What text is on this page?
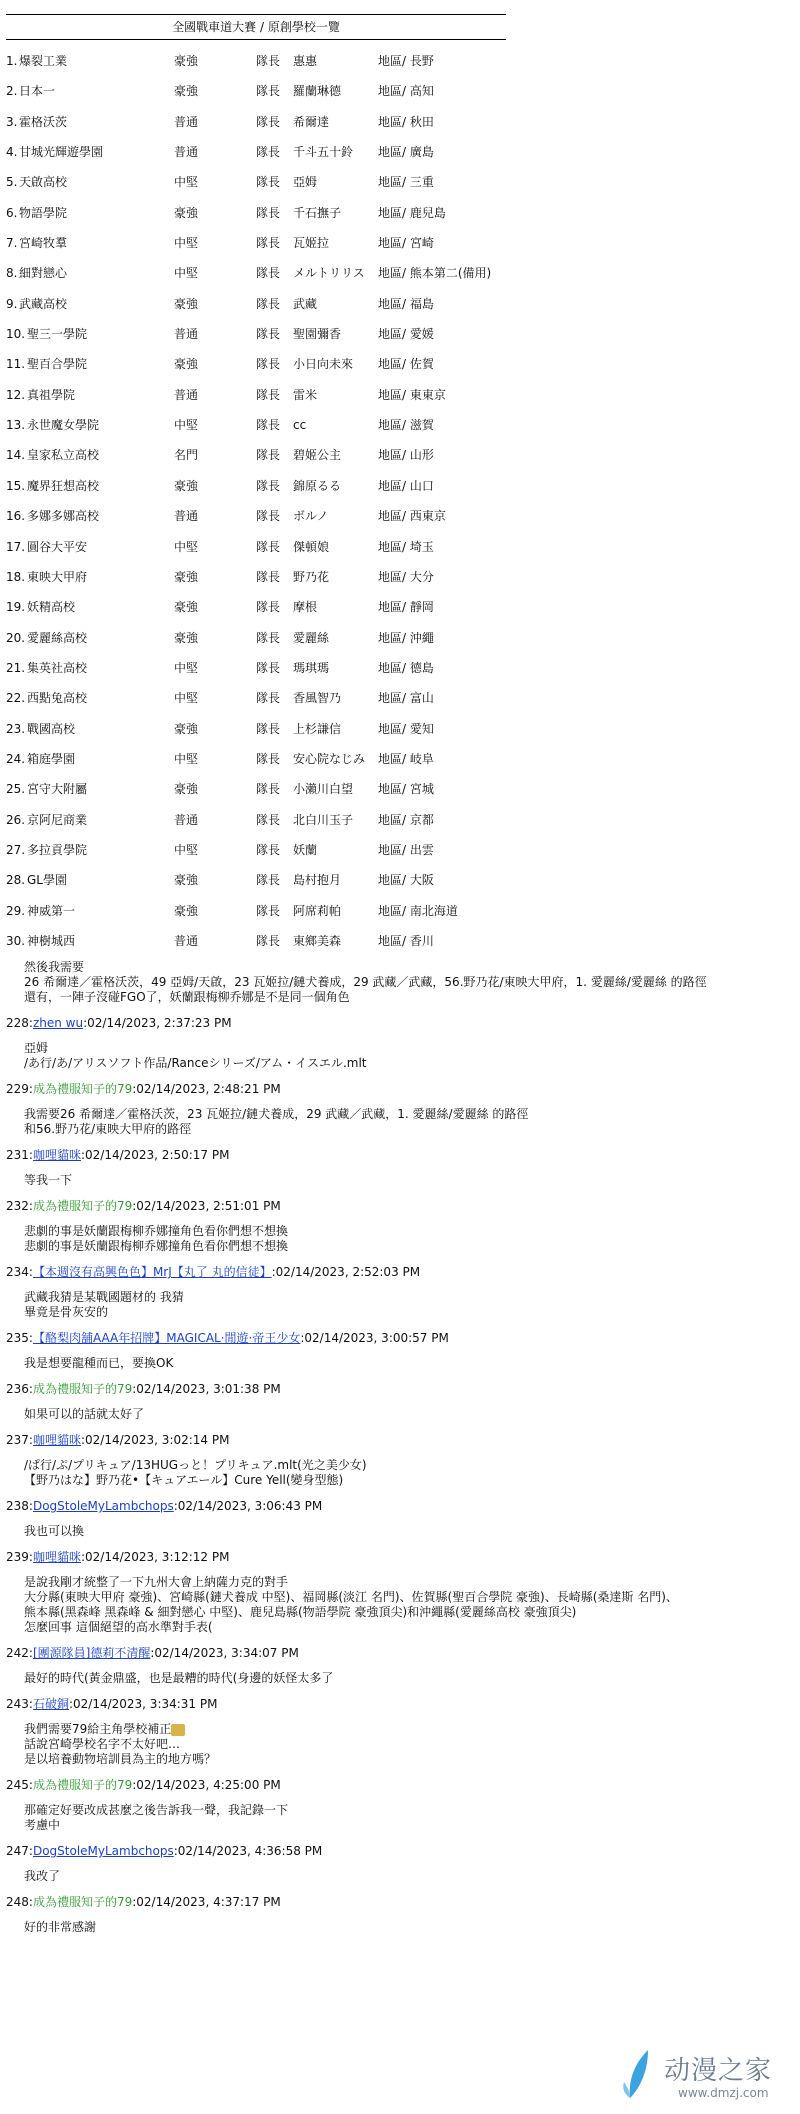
全國戰車道大賽 / 原創學校一覽
1. 爆裂工業	豪強	隊長 惠惠	地區/ 長野
2. 日本一	豪強	隊長 羅蘭琳德	地區/ 高知
3. 霍格沃茨	普通	隊長 希爾達	地區/ 秋田
4. 甘城光輝遊學園	普通	隊長 千斗五十鈴 地區/ 廣島
5. 天啟高校	中堅	隊長 亞姆	地區/ 三重
6. 物語學院	豪強	隊長 千石撫子	地區/ 鹿兒島
7. 宮崎牧羣	中堅	隊長 瓦姬拉	地區/ 宮崎
8. 細對戀心	中堅	隊長 メルトリリス 地區/ 熊本第二(備用)
9. 武藏高校	豪強	隊長 武藏	地區/ 福島
10. 聖三一學院	普通	隊長 聖園彌香	地區/ 愛媛
11. 聖百合學院	豪強	隊長 小日向未來 地區/ 佐賀
12. 真祖學院	普通	隊長 雷米	地區/ 東東京
13. 永世魔女學院	中堅	隊長 cc	地區/ 滋賀
14. 皇家私立高校	名門	隊長 碧姬公主	地區/ 山形
15. 魔界狂想高校	豪強	隊長 錦原るる	地區/ 山口
16. 多娜多娜高校	普通	隊長 ボルノ	地區/ 西東京
17. 圓谷大平安	中堅	隊長 傑頓娘	地區/ 埼玉
18. 東映大甲府	豪強	隊長 野乃花	地區/ 大分
19. 妖精高校	豪強	隊長 摩根	地區/ 靜岡
20. 愛麗絲高校	豪強	隊長 愛麗絲	地區/ 沖繩
21. 集英社高校	中堅	隊長 瑪琪瑪	地區/ 德島
22. 西點兔高校	中堅	隊長 香風智乃	地區/ 富山
23. 戰國高校	豪強	隊長 上杉謙信	地區/ 愛知
24. 箱庭學園	中堅	隊長 安心院なじみ 地區/ 岐阜
25. 宮守大附屬	豪強	隊長 小瀨川白望 地區/ 宮城
26. 京阿尼商業	普通	隊長 北白川玉子 地區/ 京都
27. 多拉貢學院	中堅	隊長 妖蘭	地區/ 出雲
28. GL學園	豪強	隊長 島村抱月	地區/ 大阪
29. 神威第一	豪強	隊長 阿席莉帕	地區/ 南北海道
30. 神樹城西	普通	隊長 東鄉美森	地區/ 香川
然後我需要
26 希爾達／霍格沃茨，49 亞姆/天啟，23 瓦姬拉/鏈犬養成，29 武藏／武藏，56.野乃花/東映大甲府，1. 愛麗絲/愛麗絲 的路徑
還有，一陣子沒碰FGO了，妖蘭跟梅柳乔娜是不是同一個角色
228:zhen wu:02/14/2023, 2:37:23 PM
亞姆
/あ行/あ/アリスソフト作品/Ranceシリーズ/アム・イスエル.mlt
229:成為禮服知子的79:02/14/2023, 2:48:21 PM
我需要26 希爾達／霍格沃茨，23 瓦姬拉/鏈犬養成，29 武藏／武藏，1. 愛麗絲/愛麗絲 的路徑
和56.野乃花/東映大甲府的路徑
231:咖哩貓咪:02/14/2023, 2:50:17 PM
等我一下
232:成為禮服知子的79:02/14/2023, 2:51:01 PM
悲劇的事是妖蘭跟梅柳乔娜撞角色看你們想不想換
悲劇的事是妖蘭跟梅柳乔娜撞角色看你們想不想換
234:【本週沒有高興色色】MrJ【丸了 丸的信徒】:02/14/2023, 2:52:03 PM
武藏我猜是某戰國題材的 我猜
畢竟是骨灰安的
235:【酪梨肉舖AAA年招牌】MAGICAL·閒遊·帝王少女:02/14/2023, 3:00:57 PM
我是想要龍種而已，要換OK
236:成為禮服知子的79:02/14/2023, 3:01:38 PM
如果可以的話就太好了
237:咖哩貓咪:02/14/2023, 3:02:14 PM
/ぱ行/ぷ/プリキュア/13HUGっと！プリキュア.mlt(光之美少女)
【野乃はな】野乃花•【キュアエール】Cure Yell(變身型態)
238:DogStoleMyLambchops:02/14/2023, 3:06:43 PM
我也可以換
239:咖哩貓咪:02/14/2023, 3:12:12 PM
是說我剛才統整了一下九州大會上納薩力克的對手
大分縣(東映大甲府 豪強)、宮崎縣(鏈犬養成 中堅)、福岡縣(淡江 名門)、佐賀縣(聖百合學院 豪強)、長崎縣(桑達斯 名門)、
熊本縣(黑森峰 黑森峰 & 細對戀心 中堅)、鹿兒島縣(物語學院 豪強頂尖)和沖繩縣(愛麗絲高校 豪強頂尖)
怎麼回事 這個絕望的高水準對手表(
242:[團源隊員]德莉不清醒:02/14/2023, 3:34:07 PM
最好的時代(黃金鼎盛，也是最糟的時代(身邊的妖怪太多了
243:石破銅:02/14/2023, 3:34:31 PM
我們需要79給主角學校補正
話說宮崎學校名字不太好吧…
是以培養動物培訓員為主的地方嗎？
245:成為禮服知子的79:02/14/2023, 4:25:00 PM
那確定好要改成甚麼之後告訴我一聲，我記錄一下
考慮中
247:DogStoleMyLambchops:02/14/2023, 4:36:58 PM
我改了
248:成為禮服知子的79:02/14/2023, 4:37:17 PM
好的非常感謝
动漫之家
www.dmzj.com
